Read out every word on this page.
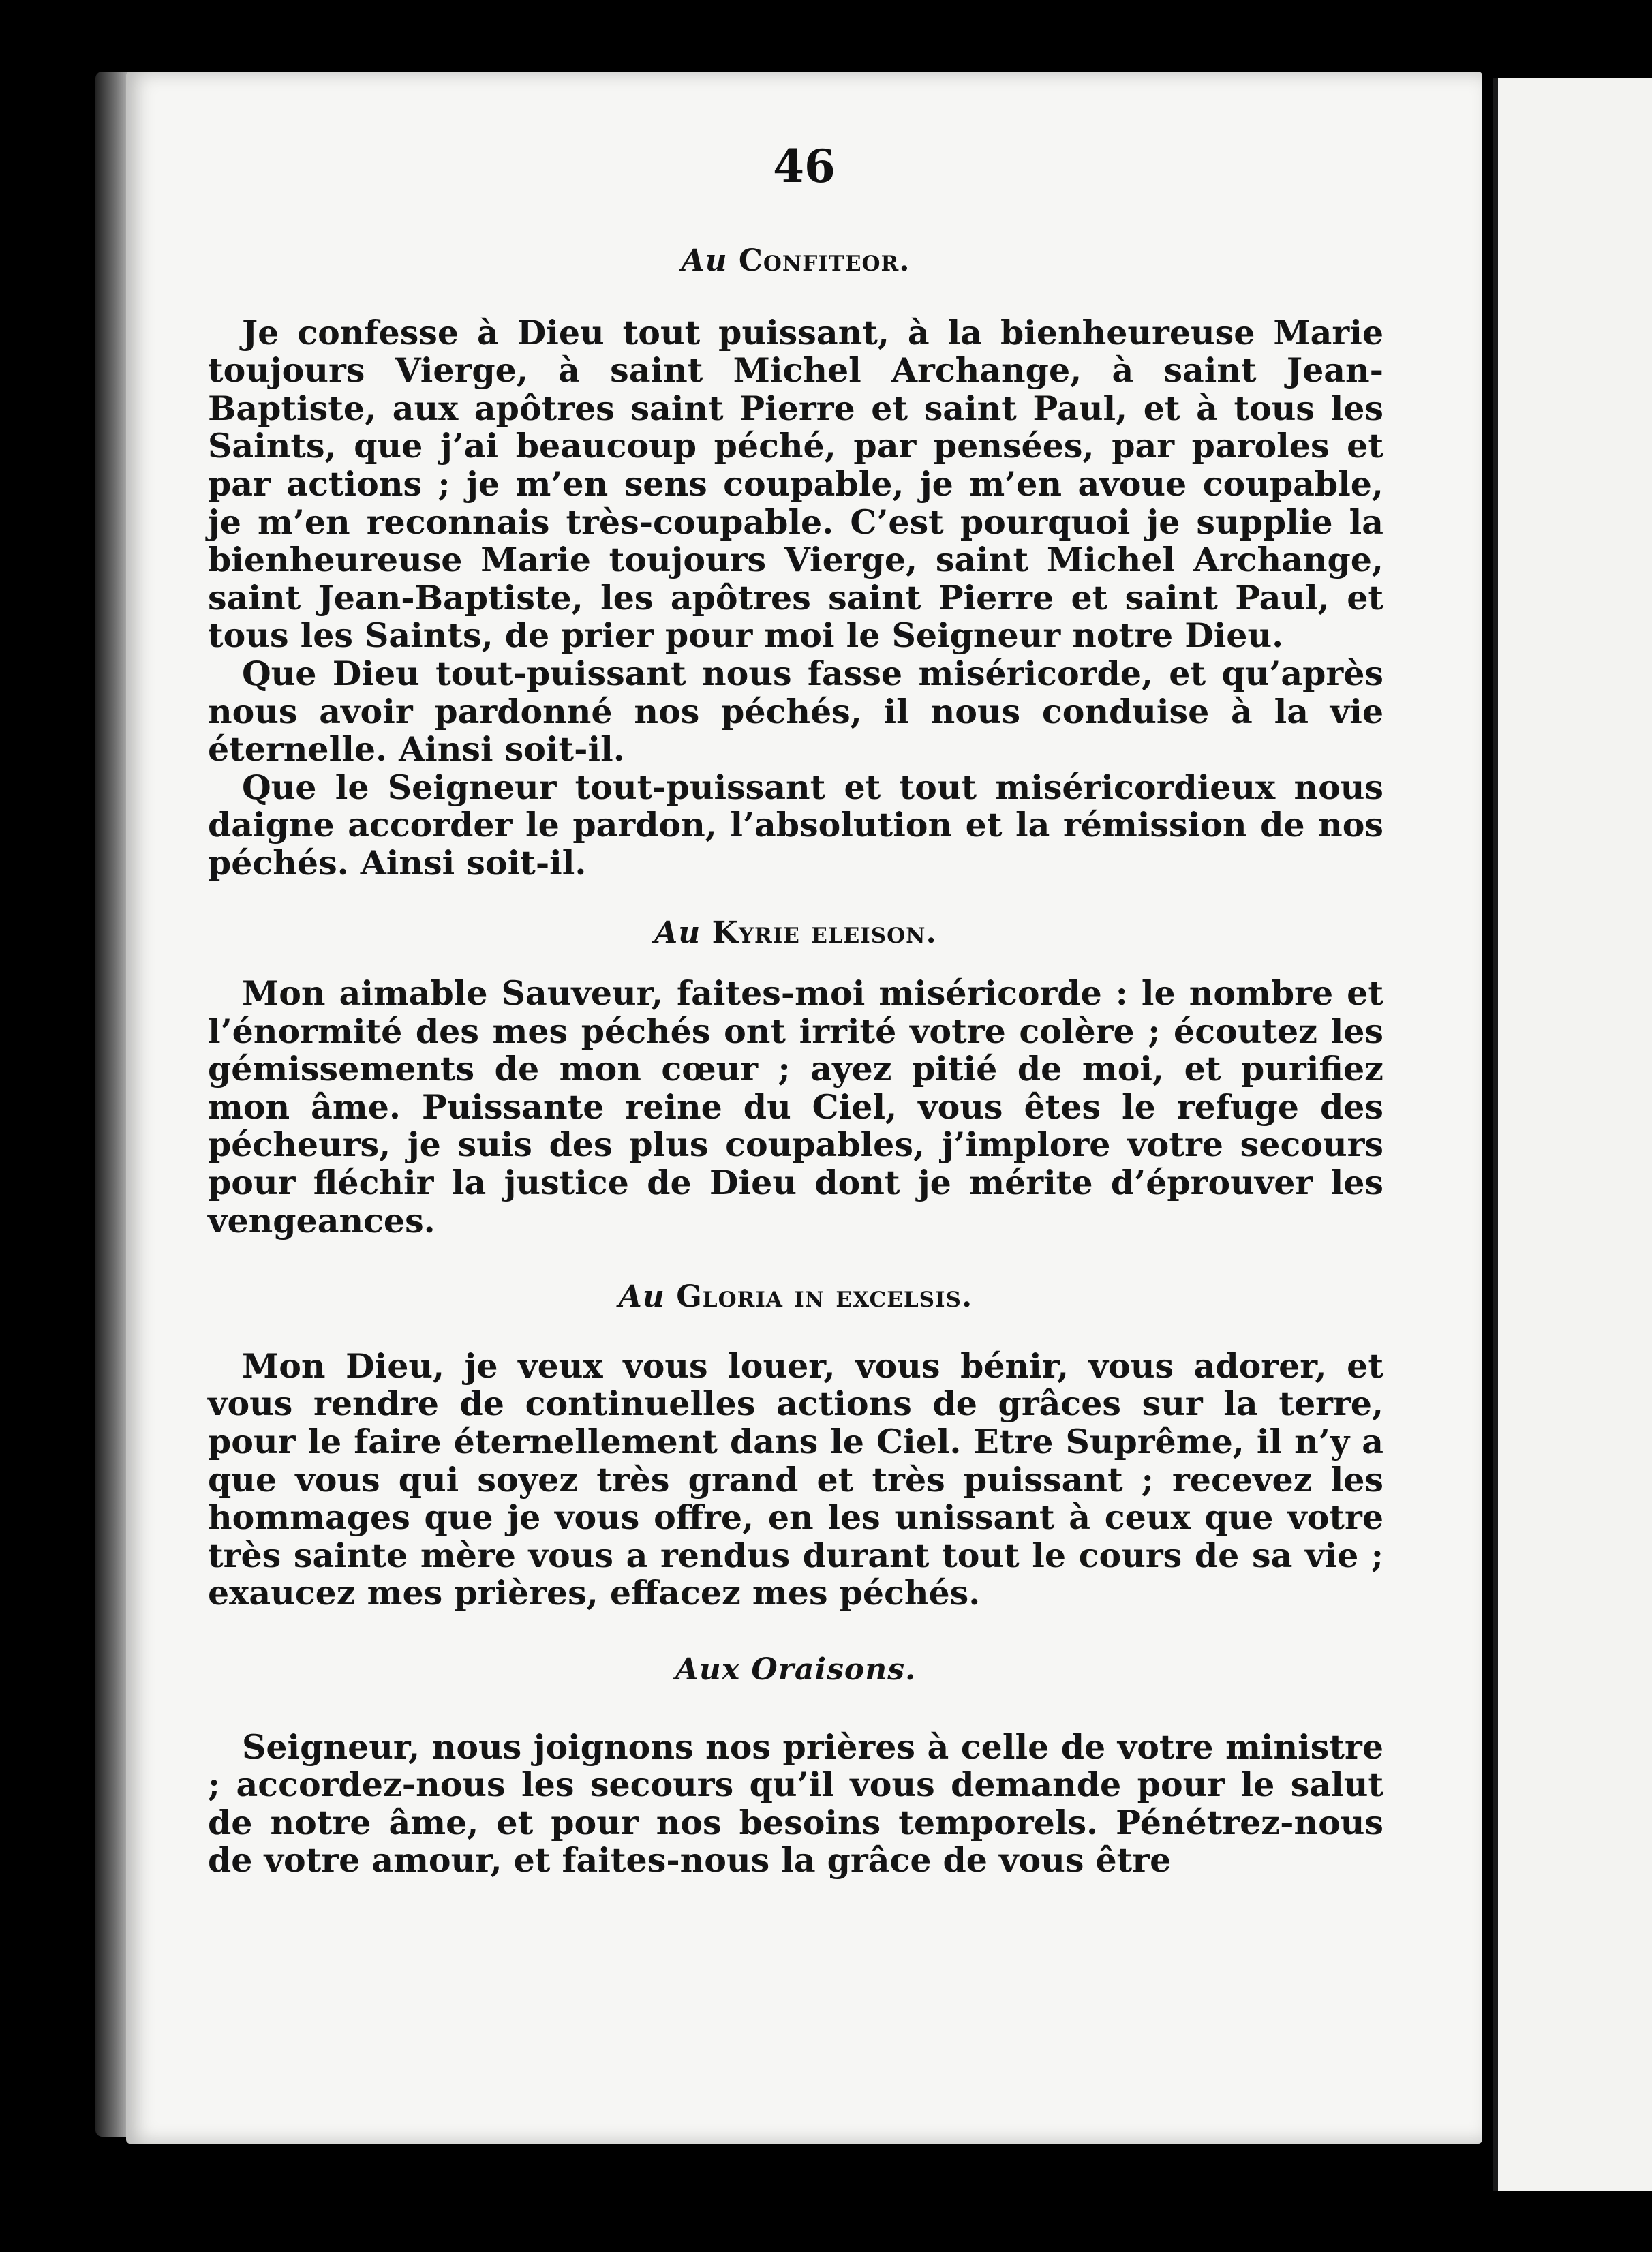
46
Au Confiteor.

Je confesse à Dieu tout puissant, à la bienheureuse Marie toujours Vierge, à saint Michel Archange, à saint Jean-Baptiste, aux apôtres saint Pierre et saint Paul, et à tous les Saints, que j’ai beaucoup péché, par pensées, par paroles et par actions ; je m’en sens coupable, je m’en avoue coupable, je m’en reconnais très-coupable. C’est pourquoi je supplie la bienheureuse Marie toujours Vierge, saint Michel Archange, saint Jean-Baptiste, les apôtres saint Pierre et saint Paul, et tous les Saints, de prier pour moi le Seigneur notre Dieu.

Que Dieu tout-puissant nous fasse miséricorde, et qu’après nous avoir pardonné nos péchés, il nous conduise à la vie éternelle. Ainsi soit-il.

Que le Seigneur tout-puissant et tout miséricordieux nous daigne accorder le pardon, l’absolution et la rémission de nos péchés. Ainsi soit-il.

Au Kyrie eleison.

Mon aimable Sauveur, faites-moi miséricorde : le nombre et l’énormité des mes péchés ont irrité votre colère ; écoutez les gémissements de mon cœur ; ayez pitié de moi, et purifiez mon âme. Puissante reine du Ciel, vous êtes le refuge des pécheurs, je suis des plus coupables, j’implore votre secours pour fléchir la justice de Dieu dont je mérite d’éprouver les vengeances.

Au Gloria in excelsis.

Mon Dieu, je veux vous louer, vous bénir, vous adorer, et vous rendre de continuelles actions de grâces sur la terre, pour le faire éternellement dans le Ciel. Etre Suprême, il n’y a que vous qui soyez très grand et très puissant ; recevez les hommages que je vous offre, en les unissant à ceux que votre très sainte mère vous a rendus durant tout le cours de sa vie ; exaucez mes prières, effacez mes péchés.

Aux Oraisons.

Seigneur, nous joignons nos prières à celle de votre ministre ; accordez-nous les secours qu’il vous demande pour le salut de notre âme, et pour nos besoins temporels. Pénétrez-nous de votre amour, et faites-nous la grâce de vous être
